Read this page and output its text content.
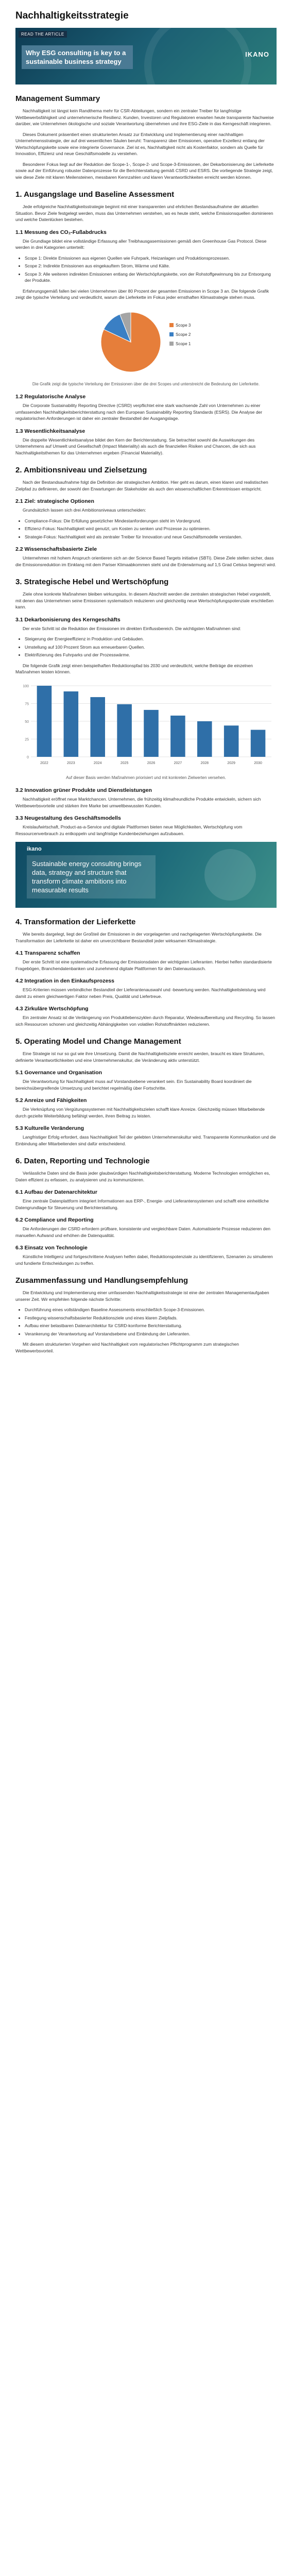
Nachhaltigkeitsstrategie
READ THE ARTICLE
Why ESG consulting is key to a sustainable business strategy
IKANO
Management Summary

Nachhaltigkeit ist längst kein Randthema mehr für CSR-Abteilungen, sondern ein zentraler Treiber für langfristige Wettbewerbsfähigkeit und unternehmerische Resilienz. Kunden, Investoren und Regulatoren erwarten heute transparente Nachweise darüber, wie Unternehmen ökologische und soziale Verantwortung übernehmen und ihre ESG-Ziele in das Kerngeschäft integrieren.

Dieses Dokument präsentiert einen strukturierten Ansatz zur Entwicklung und Implementierung einer nachhaltigen Unternehmensstrategie, der auf drei wesentlichen Säulen beruht: Transparenz über Emissionen, operative Exzellenz entlang der Wertschöpfungskette sowie eine integrierte Governance. Ziel ist es, Nachhaltigkeit nicht als Kostenfaktor, sondern als Quelle für Innovation, Effizienz und neue Geschäftsmodelle zu verstehen.

Besonderer Fokus liegt auf der Reduktion der Scope-1-, Scope-2- und Scope-3-Emissionen, der Dekarbonisierung der Lieferkette sowie auf der Einführung robuster Datenprozesse für die Berichterstattung gemäß CSRD und ESRS. Die vorliegende Strategie zeigt, wie diese Ziele mit klaren Meilensteinen, messbaren Kennzahlen und klaren Verantwortlichkeiten erreicht werden können.

1. Ausgangslage und Baseline Assessment

Jede erfolgreiche Nachhaltigkeitsstrategie beginnt mit einer transparenten und ehrlichen Bestandsaufnahme der aktuellen Situation. Bevor Ziele festgelegt werden, muss das Unternehmen verstehen, wo es heute steht, welche Emissionsquellen dominieren und welche Datenlücken bestehen.

1.1 Messung des CO₂-Fußabdrucks

Die Grundlage bildet eine vollständige Erfassung aller Treibhausgasemissionen gemäß dem Greenhouse Gas Protocol. Diese werden in drei Kategorien unterteilt:

• Scope 1: Direkte Emissionen aus eigenen Quellen wie Fuhrpark, Heizanlagen und Produktionsprozessen.
• Scope 2: Indirekte Emissionen aus eingekauftem Strom, Wärme und Kälte.
• Scope 3: Alle weiteren indirekten Emissionen entlang der Wertschöpfungskette, von der Rohstoffgewinnung bis zur Entsorgung der Produkte.

Erfahrungsgemäß fallen bei vielen Unternehmen über 80 Prozent der gesamten Emissionen in Scope 3 an. Die folgende Grafik zeigt die typische Verteilung und verdeutlicht, warum die Lieferkette im Fokus jeder ernsthaften Klimastrategie stehen muss.

Scope 3
Scope 2
Scope 1

Die Grafik zeigt die typische Verteilung der Emissionen über die drei Scopes und unterstreicht die Bedeutung der Lieferkette.

1.2 Regulatorische Analyse

Die Corporate Sustainability Reporting Directive (CSRD) verpflichtet eine stark wachsende Zahl von Unternehmen zu einer umfassenden Nachhaltigkeitsberichterstattung nach den European Sustainability Reporting Standards (ESRS). Die Analyse der regulatorischen Anforderungen ist daher ein zentraler Bestandteil der Ausgangslage.

1.3 Wesentlichkeitsanalyse

Die doppelte Wesentlichkeitsanalyse bildet den Kern der Berichterstattung. Sie betrachtet sowohl die Auswirkungen des Unternehmens auf Umwelt und Gesellschaft (Impact Materiality) als auch die finanziellen Risiken und Chancen, die sich aus Nachhaltigkeitsthemen für das Unternehmen ergeben (Financial Materiality).

2. Ambitionsniveau und Zielsetzung

Nach der Bestandsaufnahme folgt die Definition der strategischen Ambition. Hier geht es darum, einen klaren und realistischen Zielpfad zu definieren, der sowohl den Erwartungen der Stakeholder als auch den wissenschaftlichen Erkenntnissen entspricht.

2.1 Ziel: strategische Optionen

Grundsätzlich lassen sich drei Ambitionsniveaus unterscheiden:

• Compliance-Fokus: Die Erfüllung gesetzlicher Mindestanforderungen steht im Vordergrund.
• Effizienz-Fokus: Nachhaltigkeit wird genutzt, um Kosten zu senken und Prozesse zu optimieren.
• Strategie-Fokus: Nachhaltigkeit wird als zentraler Treiber für Innovation und neue Geschäftsmodelle verstanden.
2.2 Wissenschaftsbasierte Ziele

Unternehmen mit hohem Anspruch orientieren sich an der Science Based Targets initiative (SBTi). Diese Ziele stellen sicher, dass die Emissionsreduktion im Einklang mit dem Pariser Klimaabkommen steht und die Erderwärmung auf 1,5 Grad Celsius begrenzt wird.

3. Strategische Hebel und Wertschöpfung

Ziele ohne konkrete Maßnahmen bleiben wirkungslos. In diesem Abschnitt werden die zentralen strategischen Hebel vorgestellt, mit denen das Unternehmen seine Emissionen systematisch reduzieren und gleichzeitig neue Wertschöpfungspotenziale erschließen kann.

3.1 Dekarbonisierung des Kerngeschäfts

Der erste Schritt ist die Reduktion der Emissionen im direkten Einflussbereich. Die wichtigsten Maßnahmen sind:

• Steigerung der Energieeffizienz in Produktion und Gebäuden.
• Umstellung auf 100 Prozent Strom aus erneuerbaren Quellen.
• Elektrifizierung des Fuhrparks und der Prozesswärme.

Die folgende Grafik zeigt einen beispielhaften Reduktionspfad bis 2030 und verdeutlicht, welche Beiträge die einzelnen Maßnahmen leisten können.

0
25
50
75
100
2022	2023	2024	2025	2026	2027	2028	2029	2030

Auf dieser Basis werden Maßnahmen priorisiert und mit konkreten Zielwerten versehen.

3.2 Innovation grüner Produkte und Dienstleistungen

Nachhaltigkeit eröffnet neue Marktchancen. Unternehmen, die frühzeitig klimafreundliche Produkte entwickeln, sichern sich Wettbewerbsvorteile und stärken ihre Marke bei umweltbewussten Kunden.

3.3 Neugestaltung des Geschäftsmodells

Kreislaufwirtschaft, Product-as-a-Service und digitale Plattformen bieten neue Möglichkeiten, Wertschöpfung vom Ressourcenverbrauch zu entkoppeln und langfristige Kundenbeziehungen aufzubauen.

ikano
Sustainable energy consulting brings data, strategy and structure that transform climate ambitions into measurable results
4. Transformation der Lieferkette

Wie bereits dargelegt, liegt der Großteil der Emissionen in der vorgelagerten und nachgelagerten Wertschöpfungskette. Die Transformation der Lieferkette ist daher ein unverzichtbarer Bestandteil jeder wirksamen Klimastrategie.

4.1 Transparenz schaffen

Der erste Schritt ist eine systematische Erfassung der Emissionsdaten der wichtigsten Lieferanten. Hierbei helfen standardisierte Fragebögen, Branchendatenbanken und zunehmend digitale Plattformen für den Datenaustausch.

4.2 Integration in den Einkaufsprozess

ESG-Kriterien müssen verbindlicher Bestandteil der Lieferantenauswahl und -bewertung werden. Nachhaltigkeitsleistung wird damit zu einem gleichwertigen Faktor neben Preis, Qualität und Liefertreue.

4.3 Zirkuläre Wertschöpfung

Ein zentraler Ansatz ist die Verlängerung von Produktlebenszyklen durch Reparatur, Wiederaufbereitung und Recycling. So lassen sich Ressourcen schonen und gleichzeitig Abhängigkeiten von volatilen Rohstoffmärkten reduzieren.

5. Operating Model und Change Management

Eine Strategie ist nur so gut wie ihre Umsetzung. Damit die Nachhaltigkeitsziele erreicht werden, braucht es klare Strukturen, definierte Verantwortlichkeiten und eine Unternehmenskultur, die Veränderung aktiv unterstützt.

5.1 Governance und Organisation

Die Verantwortung für Nachhaltigkeit muss auf Vorstandsebene verankert sein. Ein Sustainability Board koordiniert die bereichsübergreifende Umsetzung und berichtet regelmäßig über Fortschritte.

5.2 Anreize und Fähigkeiten

Die Verknüpfung von Vergütungssystemen mit Nachhaltigkeitszielen schafft klare Anreize. Gleichzeitig müssen Mitarbeitende durch gezielte Weiterbildung befähigt werden, ihren Beitrag zu leisten.

5.3 Kulturelle Veränderung

Langfristiger Erfolg erfordert, dass Nachhaltigkeit Teil der gelebten Unternehmenskultur wird. Transparente Kommunikation und die Einbindung aller Mitarbeitenden sind dafür entscheidend.

6. Daten, Reporting und Technologie

Verlässliche Daten sind die Basis jeder glaubwürdigen Nachhaltigkeitsberichterstattung. Moderne Technologien ermöglichen es, Daten effizient zu erfassen, zu analysieren und zu kommunizieren.

6.1 Aufbau der Datenarchitektur

Eine zentrale Datenplattform integriert Informationen aus ERP-, Energie- und Lieferantensystemen und schafft eine einheitliche Datengrundlage für Steuerung und Berichterstattung.

6.2 Compliance und Reporting

Die Anforderungen der CSRD erfordern prüfbare, konsistente und vergleichbare Daten. Automatisierte Prozesse reduzieren den manuellen Aufwand und erhöhen die Datenqualität.

6.3 Einsatz von Technologie

Künstliche Intelligenz und fortgeschrittene Analysen helfen dabei, Reduktionspotenziale zu identifizieren, Szenarien zu simulieren und fundierte Entscheidungen zu treffen.

Zusammenfassung und Handlungsempfehlung

Die Entwicklung und Implementierung einer umfassenden Nachhaltigkeitsstrategie ist eine der zentralen Managementaufgaben unserer Zeit. Wir empfehlen folgende nächste Schritte:

• Durchführung eines vollständigen Baseline Assessments einschließlich Scope-3-Emissionen.
• Festlegung wissenschaftsbasierter Reduktionsziele und eines klaren Zielpfads.
• Aufbau einer belastbaren Datenarchitektur für CSRD-konforme Berichterstattung.
• Verankerung der Verantwortung auf Vorstandsebene und Einbindung der Lieferanten.

Mit diesem strukturierten Vorgehen wird Nachhaltigkeit vom regulatorischen Pflichtprogramm zum strategischen Wettbewerbsvorteil.
